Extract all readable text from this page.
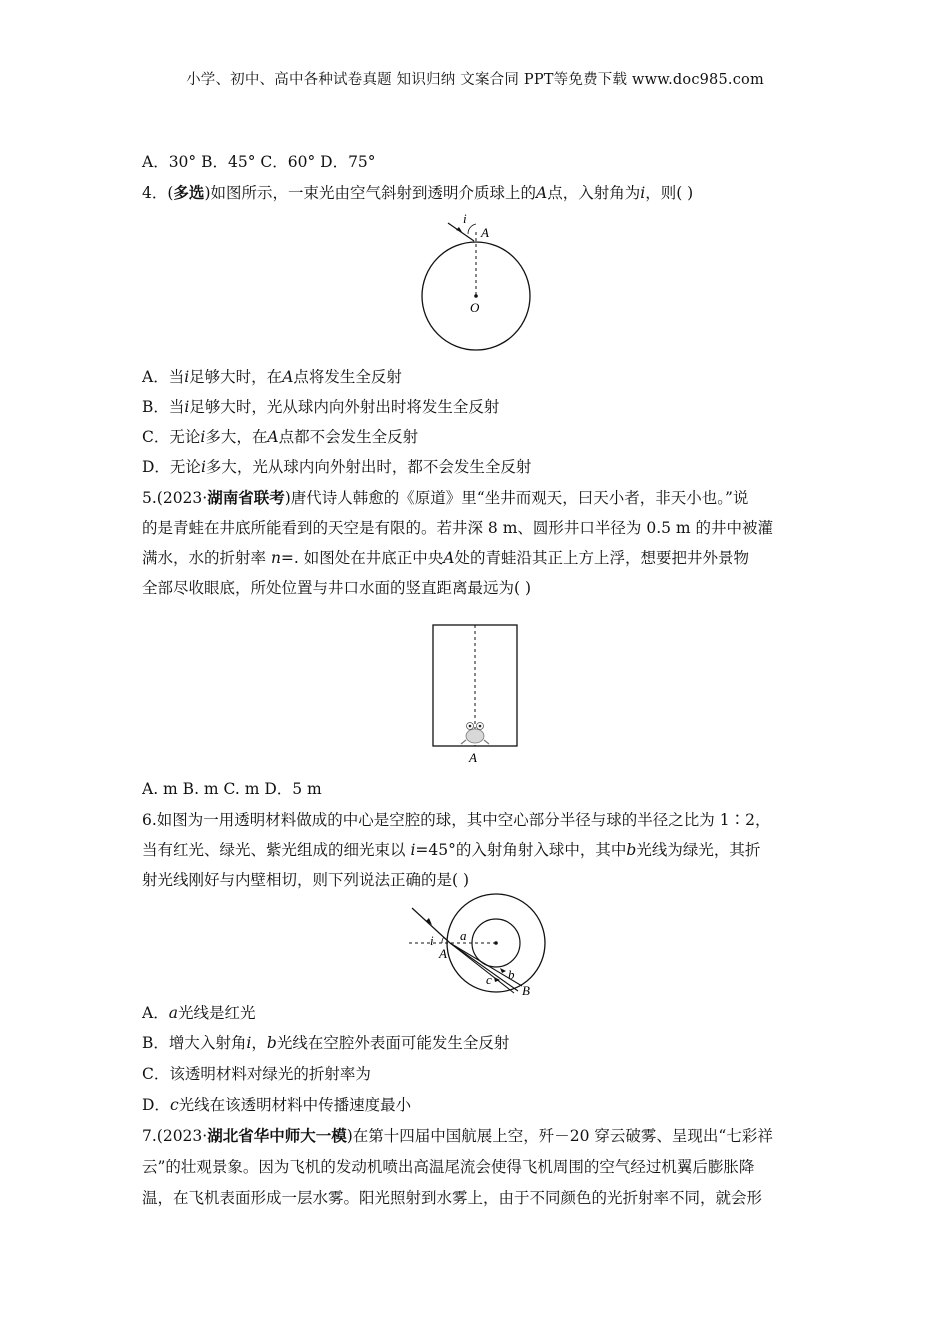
小学、初中、高中各种试卷真题 知识归纳 文案合同 PPT等免费下载 www.doc985.com
A．30° B．45° C．60° D．75°
4．(多选)如图所示，一束光由空气斜射到透明介质球上的A点，入射角为i，则( )
i
A
O
A．当i足够大时，在A点将发生全反射
B．当i足够大时，光从球内向外射出时将发生全反射
C．无论i多大，在A点都不会发生全反射
D．无论i多大，光从球内向外射出时，都不会发生全反射
5.(2023·湖南省联考)唐代诗人韩愈的《原道》里“坐井而观天，曰天小者，非天小也。”说
的是青蛙在井底所能看到的天空是有限的。若井深 8 m、圆形井口半径为 0.5 m 的井中被灌
满水，水的折射率 n=. 如图处在井底正中央A处的青蛙沿其正上方上浮，想要把井外景物
全部尽收眼底，所处位置与井口水面的竖直距离最远为( )
A
A. m B. m C. m D．5 m
6.如图为一用透明材料做成的中心是空腔的球，其中空心部分半径与球的半径之比为 1∶2，
当有红光、绿光、紫光组成的细光束以 i=45°的入射角射入球中，其中b光线为绿光，其折
射光线刚好与内壁相切，则下列说法正确的是( )
i a
A
b
c
B
A．a光线是红光
B．增大入射角i，b光线在空腔外表面可能发生全反射
C．该透明材料对绿光的折射率为
D．c光线在该透明材料中传播速度最小
7.(2023·湖北省华中师大一模)在第十四届中国航展上空，歼－20 穿云破雾、呈现出“七彩祥
云”的壮观景象。因为飞机的发动机喷出高温尾流会使得飞机周围的空气经过机翼后膨胀降
温，在飞机表面形成一层水雾。阳光照射到水雾上，由于不同颜色的光折射率不同，就会形
